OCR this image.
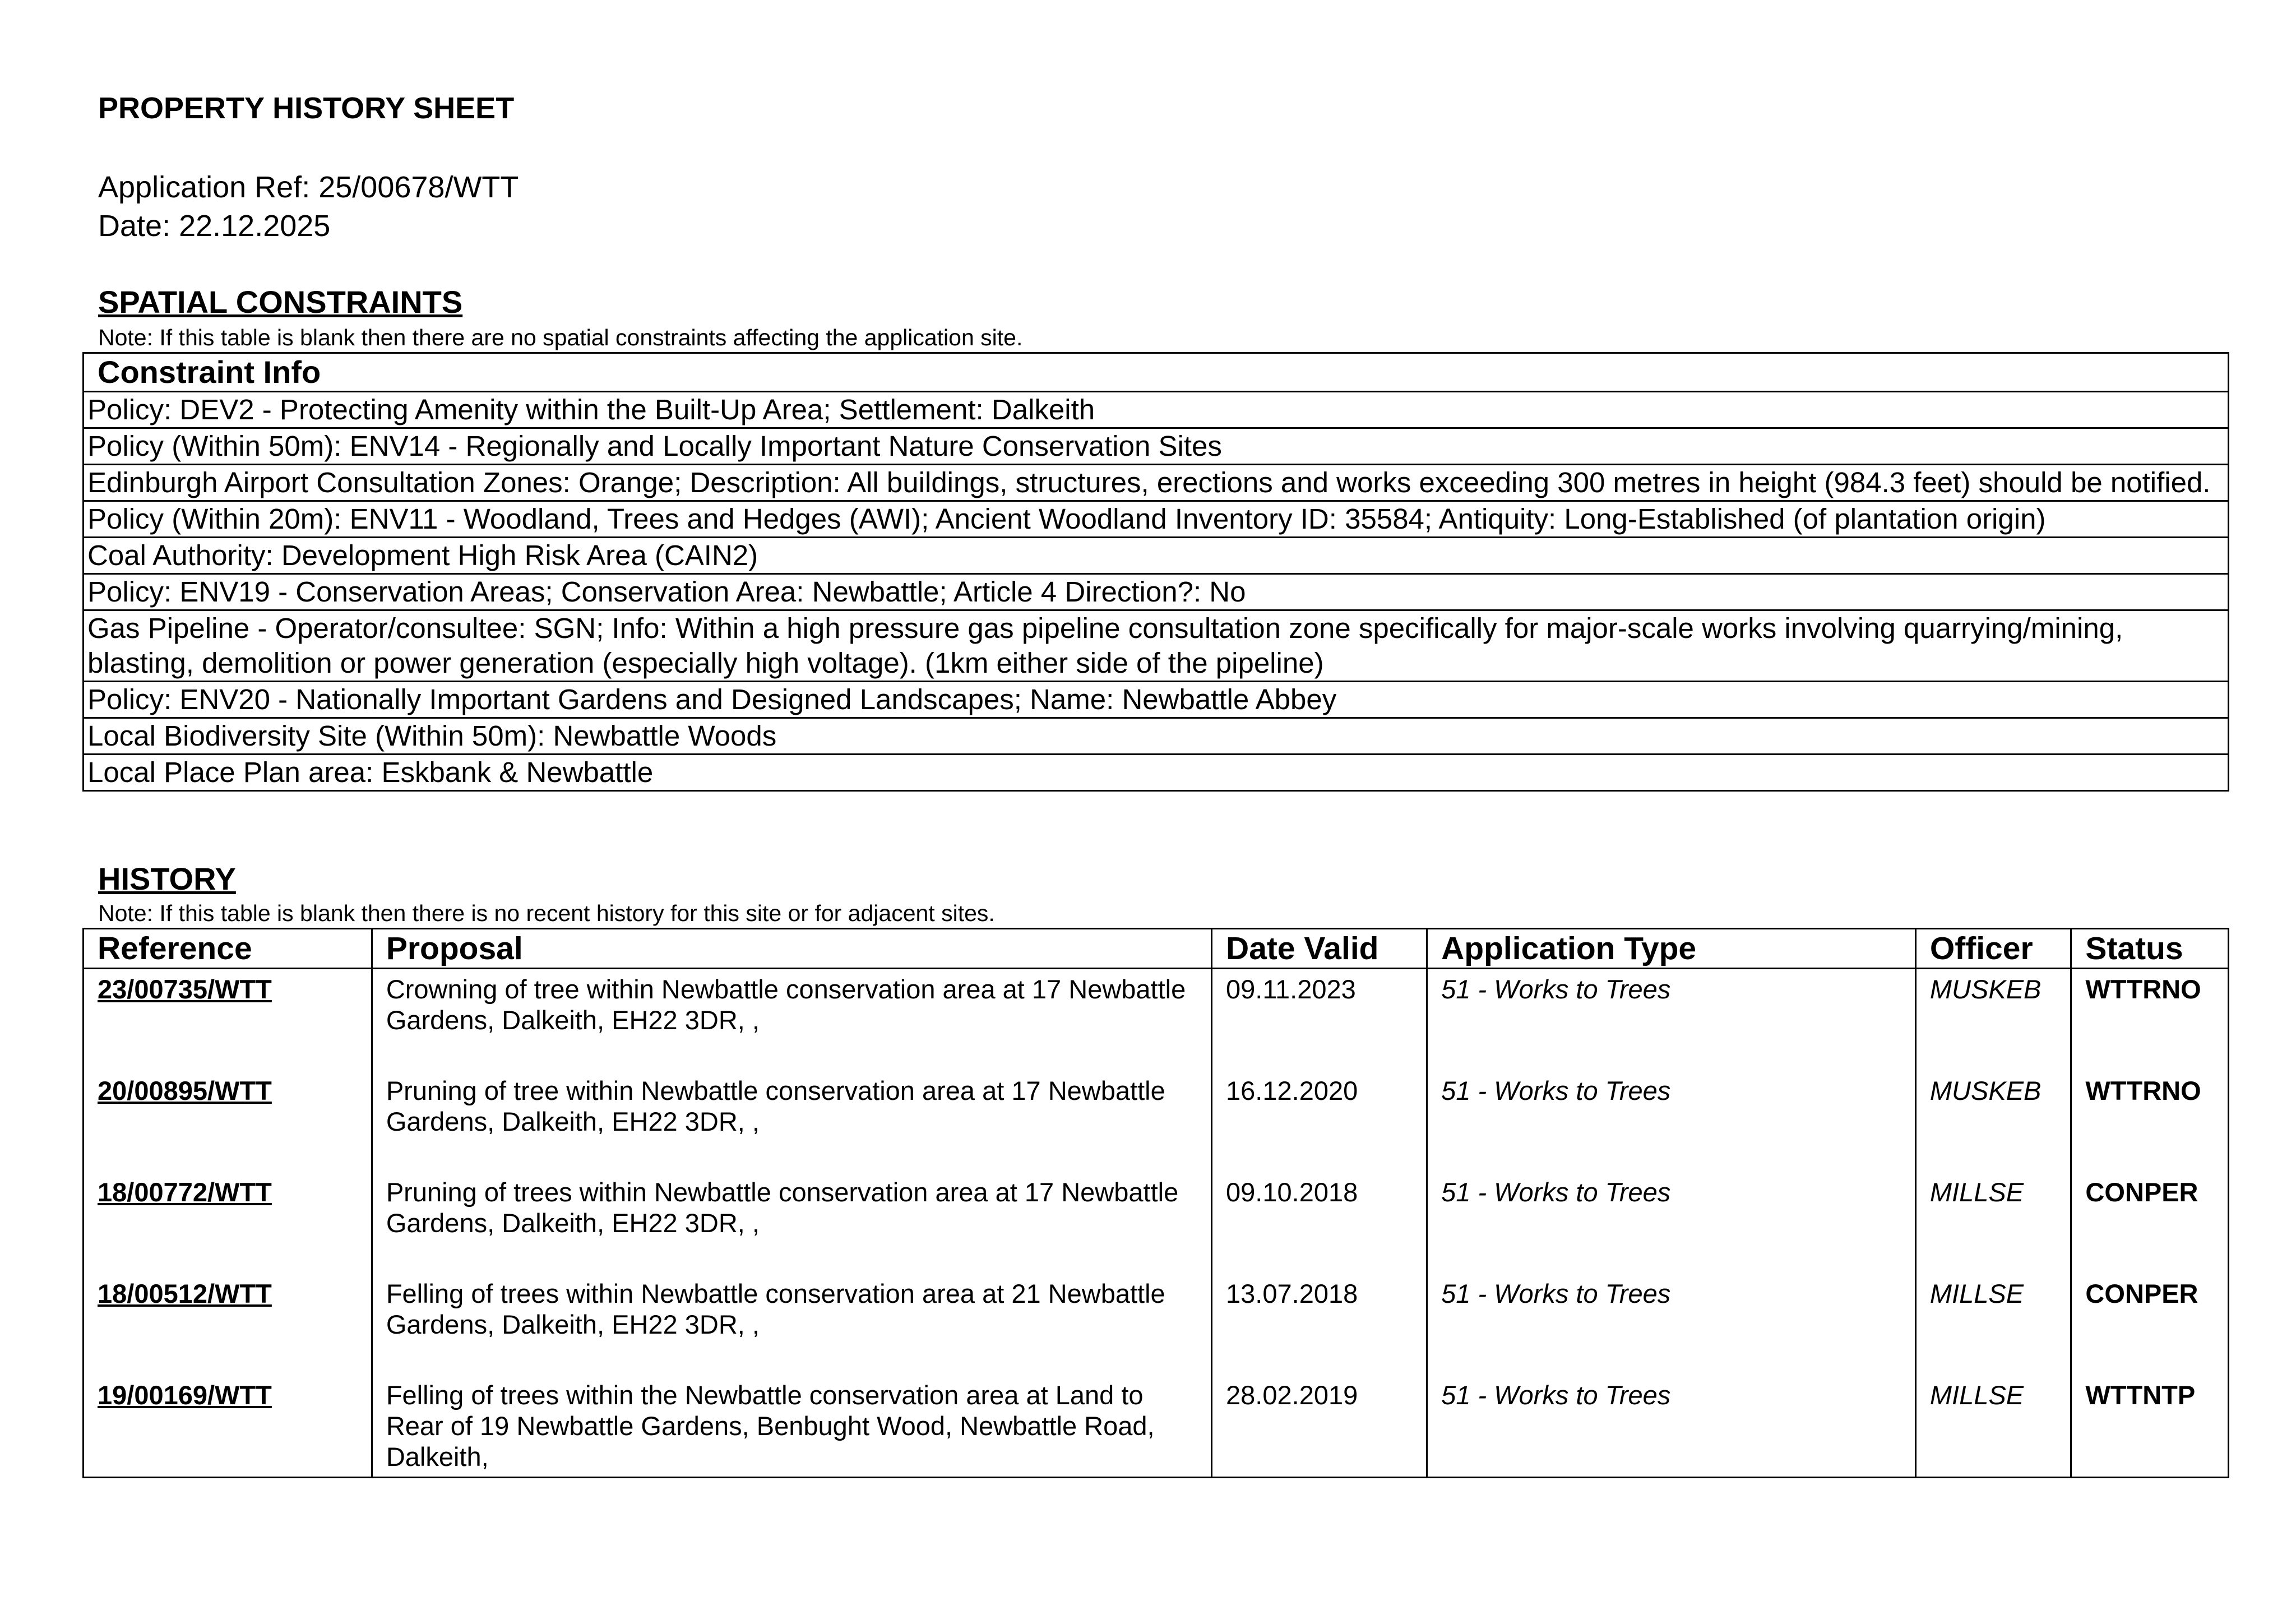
PROPERTY HISTORY SHEET
Application Ref: 25/00678/WTT
Date: 22.12.2025
SPATIAL CONSTRAINTS
Note: If this table is blank then there are no spatial constraints affecting the application site.
Constraint Info
Policy: DEV2 - Protecting Amenity within the Built-Up Area; Settlement: Dalkeith
Policy (Within 50m): ENV14 - Regionally and Locally Important Nature Conservation Sites
Edinburgh Airport Consultation Zones: Orange; Description: All buildings, structures, erections and works exceeding 300 metres in height (984.3 feet) should be notified.
Policy (Within 20m): ENV11 - Woodland, Trees and Hedges (AWI); Ancient Woodland Inventory ID: 35584; Antiquity: Long-Established (of plantation origin)
Coal Authority: Development High Risk Area (CAIN2)
Policy: ENV19 - Conservation Areas; Conservation Area: Newbattle; Article 4 Direction?: No
Gas Pipeline - Operator/consultee: SGN; Info: Within a high pressure gas pipeline consultation zone specifically for major-scale works involving quarrying/mining, blasting, demolition or power generation (especially high voltage). (1km either side of the pipeline)
Policy: ENV20 - Nationally Important Gardens and Designed Landscapes; Name: Newbattle Abbey
Local Biodiversity Site (Within 50m): Newbattle Woods
Local Place Plan area: Eskbank & Newbattle
HISTORY
Note: If this table is blank then there is no recent history for this site or for adjacent sites.
Reference	Proposal	Date Valid	Application Type	Officer	Status
23/00735/WTT	Crowning of tree within Newbattle conservation area at 17 Newbattle Gardens, Dalkeith, EH22 3DR, ,	09.11.2023	51 - Works to Trees	MUSKEB	WTTRNO
20/00895/WTT	Pruning of tree within Newbattle conservation area at 17 Newbattle Gardens, Dalkeith, EH22 3DR, ,	16.12.2020	51 - Works to Trees	MUSKEB	WTTRNO
18/00772/WTT	Pruning of trees within Newbattle conservation area at 17 Newbattle Gardens, Dalkeith, EH22 3DR, ,	09.10.2018	51 - Works to Trees	MILLSE	CONPER
18/00512/WTT	Felling of trees within Newbattle conservation area at 21 Newbattle Gardens, Dalkeith, EH22 3DR, ,	13.07.2018	51 - Works to Trees	MILLSE	CONPER
19/00169/WTT	Felling of trees within the Newbattle conservation area at Land to Rear of 19 Newbattle Gardens, Benbught Wood, Newbattle Road, Dalkeith,	28.02.2019	51 - Works to Trees	MILLSE	WTTNTP
